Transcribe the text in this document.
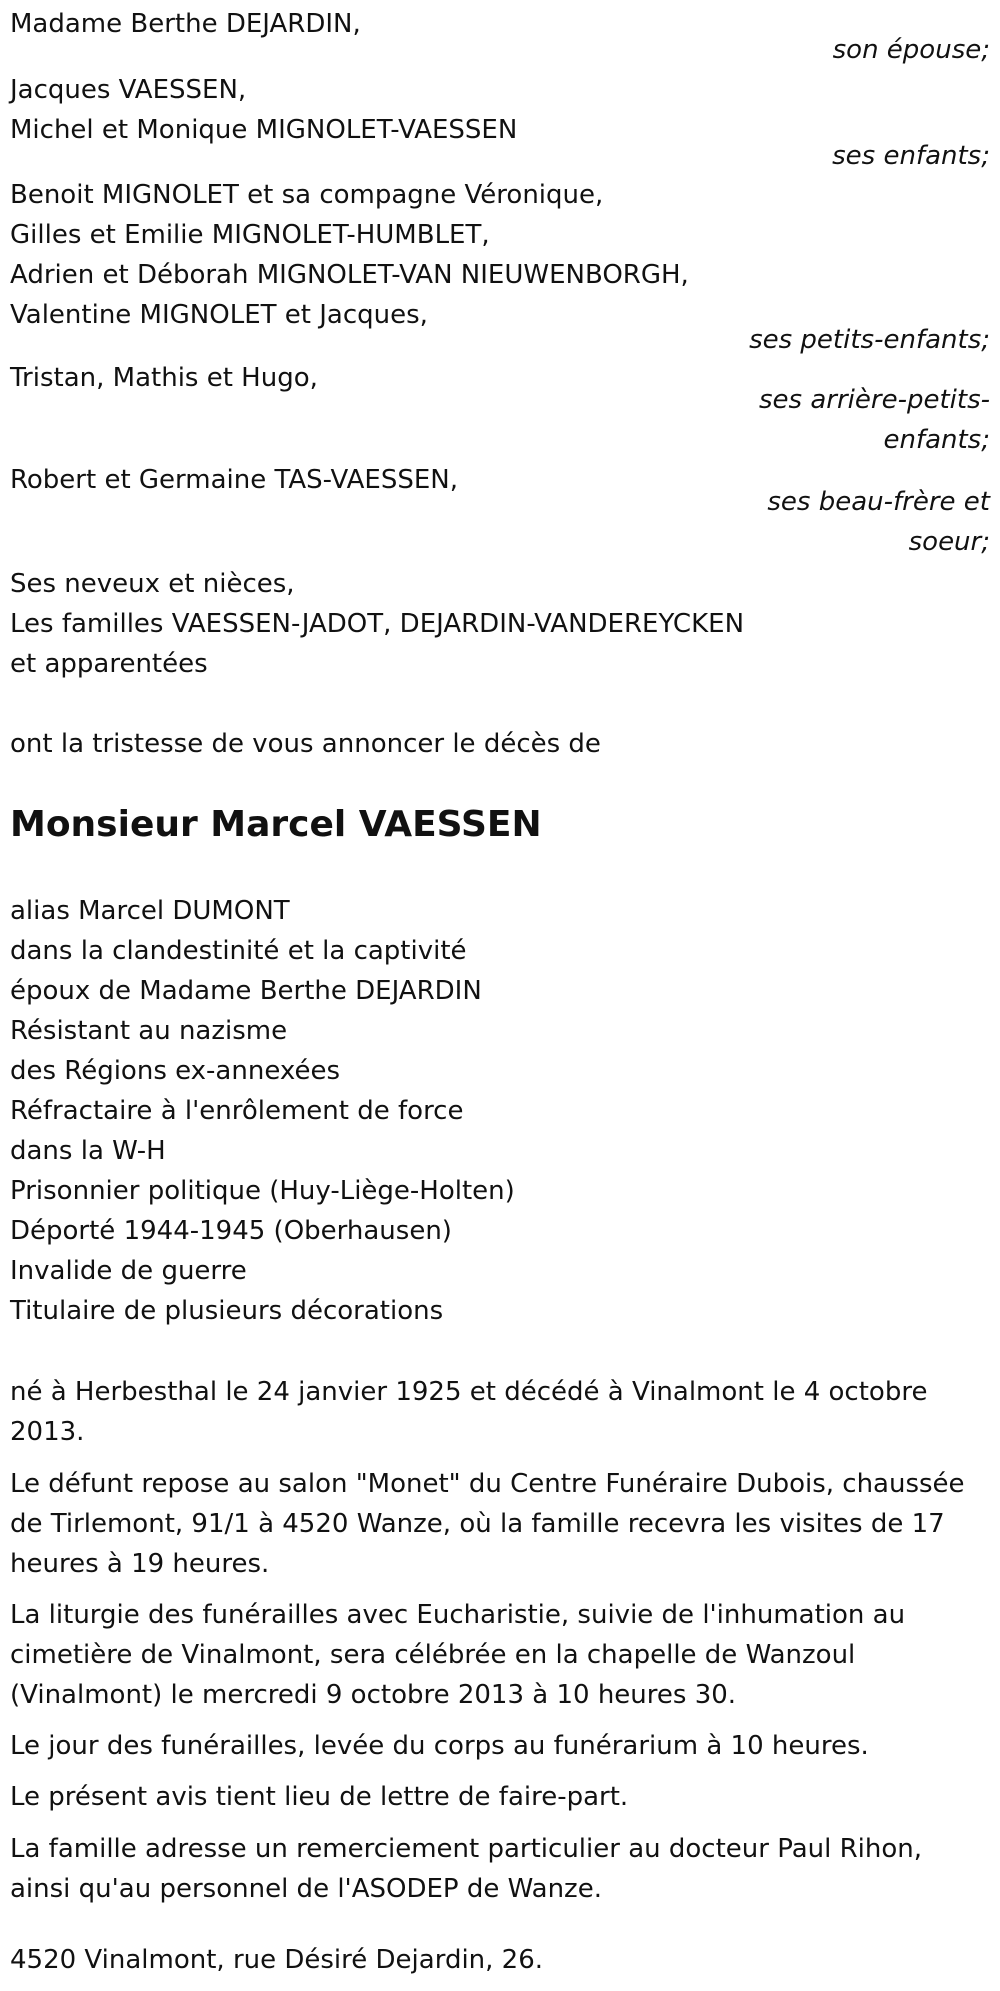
Madame Berthe DEJARDIN,
son épouse;
Jacques VAESSEN,
Michel et Monique MIGNOLET-VAESSEN
ses enfants;
Benoit MIGNOLET et sa compagne Véronique,
Gilles et Emilie MIGNOLET-HUMBLET,
Adrien et Déborah MIGNOLET-VAN NIEUWENBORGH,
Valentine MIGNOLET et Jacques,
ses petits-enfants;
Tristan, Mathis et Hugo,
ses arrière-petits-
enfants;
Robert et Germaine TAS-VAESSEN,
ses beau-frère et
soeur;
Ses neveux et nièces,
Les familles VAESSEN-JADOT, DEJARDIN-VANDEREYCKEN
et apparentées
ont la tristesse de vous annoncer le décès de
Monsieur Marcel VAESSEN
alias Marcel DUMONT
dans la clandestinité et la captivité
époux de Madame Berthe DEJARDIN
Résistant au nazisme
des Régions ex-annexées
Réfractaire à l'enrôlement de force
dans la W-H
Prisonnier politique (Huy-Liège-Holten)
Déporté 1944-1945 (Oberhausen)
Invalide de guerre
Titulaire de plusieurs décorations
né à Herbesthal le 24 janvier 1925 et décédé à Vinalmont le 4 octobre 2013.
Le défunt repose au salon "Monet" du Centre Funéraire Dubois, chaussée de Tirlemont, 91/1 à 4520 Wanze, où la famille recevra les visites de 17 heures à 19 heures.
La liturgie des funérailles avec Eucharistie, suivie de l'inhumation au cimetière de Vinalmont, sera célébrée en la chapelle de Wanzoul (Vinalmont) le mercredi 9 octobre 2013 à 10 heures 30.
Le jour des funérailles, levée du corps au funérarium à 10 heures.
Le présent avis tient lieu de lettre de faire-part.
La famille adresse un remerciement particulier au docteur Paul Rihon, ainsi qu'au personnel de l'ASODEP de Wanze.
4520 Vinalmont, rue Désiré Dejardin, 26.
